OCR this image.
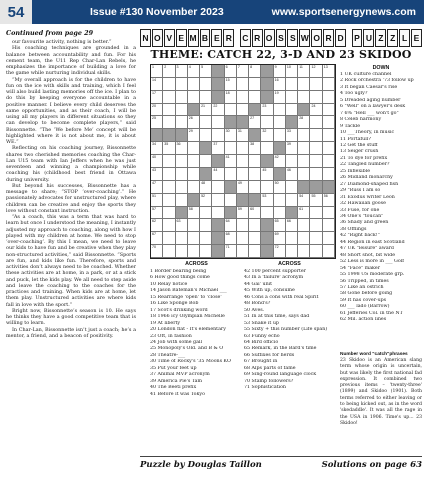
54	Issue #130 November 2023	www.sportsenergynews.com
Continued from page 29

our favourite activity, nothing is better.”

His coaching techniques are grounded in a balance between accountability and fun. For his cement team, the U11 Rep Char-Lan Rebels, he emphasizes the importance of building a love for the game while nurturing individual skills.

“My overall approach is for the children to have fun on the ice with skills and training, which I feel will also build lasting memories off the ice. I plan to do this by keeping everyone accountable in a positive manner. I believe every child deserves the same opportunities, and as their coach, I will be using all my players in different situations so they can develop to become complete players,” said Bissonnette. “The ‘We before Me’ concept will be highlighted where it is not about me, it is about WE.”

Reflecting on his coaching journey, Bissonnette shares two cherished memories coaching the Char-Lan U15 team with Ian Jeffers when he was just seventeen and winning a championship while coaching his (childhood best friend in Ottawa during university.

But beyond his successes, Bissonnette has a message to share; “STOP ‘over-coaching’.” He passionately advocates for unstructured play, where children can be creative and enjoy the sports they love without constant instruction.

“As a coach, this was a term that was hard to learn but once I understood the meaning, I instantly adjusted my approach to coaching, along with how I played with my children at home. We need to stop ‘over-coaching’. By this I mean, we need to leave our kids to have fun and be creative when they play non-structured activities,” said Bissonnette. “Sports are fun, and kids like fun. Therefore, sports and activities don’t always need to be coached. Whether these activities are at home, in a park, or at a stick and puck, let the kids play. We all need to step aside and leave the coaching to the coaches for the practices and training. When kids are at home, let them play. Unstructured activities are where kids fall in love with the sport.”

Bright now, Bissonnette’s season is 10. He says he thinks they have a good competitive team that is willing to learn.

In Char-Lan, Bissonnette isn’t just a coach; he’s a mentor, a friend, and a beacon of positivity.

N O V E M B E R C R O S S W O R D	P U Z Z L E
THEME: CATCH 22, 3-D AND 23 SKIDOO
1	2	3	4	5	6	7	8	9	10 11 12 13
14	15	16
17	18	19
20	21 22	23	24
25	26	27	28
29	30 31	32	33
34 35 36	37	38	39
40	41	42
43	44	45	46
47	48	49	50
51	52	53	54 55 56
57	58	59 60	61
62	63	64	65 66
67	68	69
70	71	72
DOWN
1 UK culture channel
2 Rock orchestra '73 follow up
3 It began Caesar's rise
4 Too ugly?
5 Dreaded aging number
6 "Well" on a lawyer's desk
7 6% "Hell ___ won't go"
8 Celeb harmony
9 Tackle
10 ___Theory, in music
11 Portafull?
12 Get the stuff
13 Seiger crush
21 To dye for prefix
22 Tangled number?
25 Inflexible
26 Midland monarchy
27 Diamond-shaped fish
29 "Russ I am so
31 Exodus writer Leon
32 Hawaiian goose
33 Fuse, for one
34 One's "toucan"
36 Shady and green
38 Offlings
42 "Right back!"
44 Region in east Scotland
47 UK "leisure" award
48 Short shot, bit wide
52 Less is more in ___ Golf
54 "Face" maker
55 1998 US moderate grp.
56 Tripped, in times
57 Like an ostrich
58 Gone before going
59 It has cover-ups
60 ___ lado (Barrow)
61 Jefferies Col. in the NT
62 Mil. action lines
ACROSS	ACROSS
1 Border bearing being
6 How good things come
10 Relay notice
14 Jason Bateman's Michael ___
15 Rearrange 'open' to 'close'
16 Like Sponge Bob
17 Scot's drinking word
18 1966 icy Olympian Michelle
19 At liberty
20 London flat - It's elementary
23 Oft, in fashion
24 Job with some gall
25 Monopoly's Old. and B & O
28 Theatre-___
30 Time of Rocky's '35 Moons KO
35 Put your feet up
37 Animal MVP acronym
39 America Pie's Tam
40 The Beeti prefix
41 Before it was Tokyo
42 100 percent supporter
43 In a 'failure' acronym
44 Gai' unit
45 With up, consume
46 Cons a cons with real Spirit
48 Bond's?
50 Aves.
51 In at this time, says dad
53 Snake it up
55 Sixty + this number (Life span)
63 Funny echo
64 Bird officio
65 Remark, in the Bard's time
66 Suffixes for herds
67 Brought in
68 Alps parts of fame
69 Sing-round language clock
70 Stamp followers?
71 Sophistication
Number word "catch"phrases
23 Skidoo is an American slang term whose origin is uncertain, but was likely the first national fad expression. It combined two previous items – 'twenty-three' (1899) and Skidoo (1901). Both terms referred to either leaving or to being kicked out, as in the word 'skedaddle'. It was all the rage in the USA in 1906. Time's up... 23 Skidoo!
Puzzle by Douglas Taillon	Solutions on page 63
